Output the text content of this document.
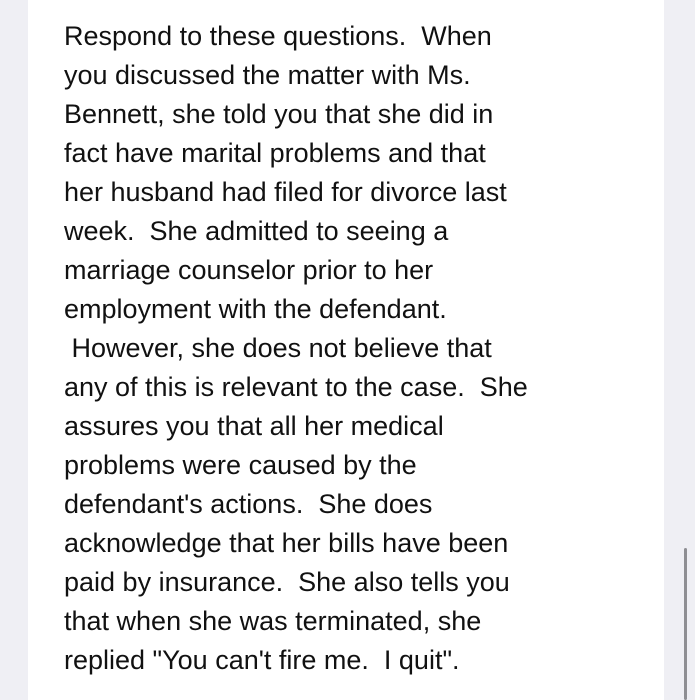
Respond to these questions.  When
you discussed the matter with Ms.
Bennett, she told you that she did in
fact have marital problems and that
her husband had filed for divorce last
week.  She admitted to seeing a
marriage counselor prior to her
employment with the defendant.
However, she does not believe that
any of this is relevant to the case.  She
assures you that all her medical
problems were caused by the
defendant's actions.  She does
acknowledge that her bills have been
paid by insurance.  She also tells you
that when she was terminated, she
replied "You can't fire me.  I quit".
